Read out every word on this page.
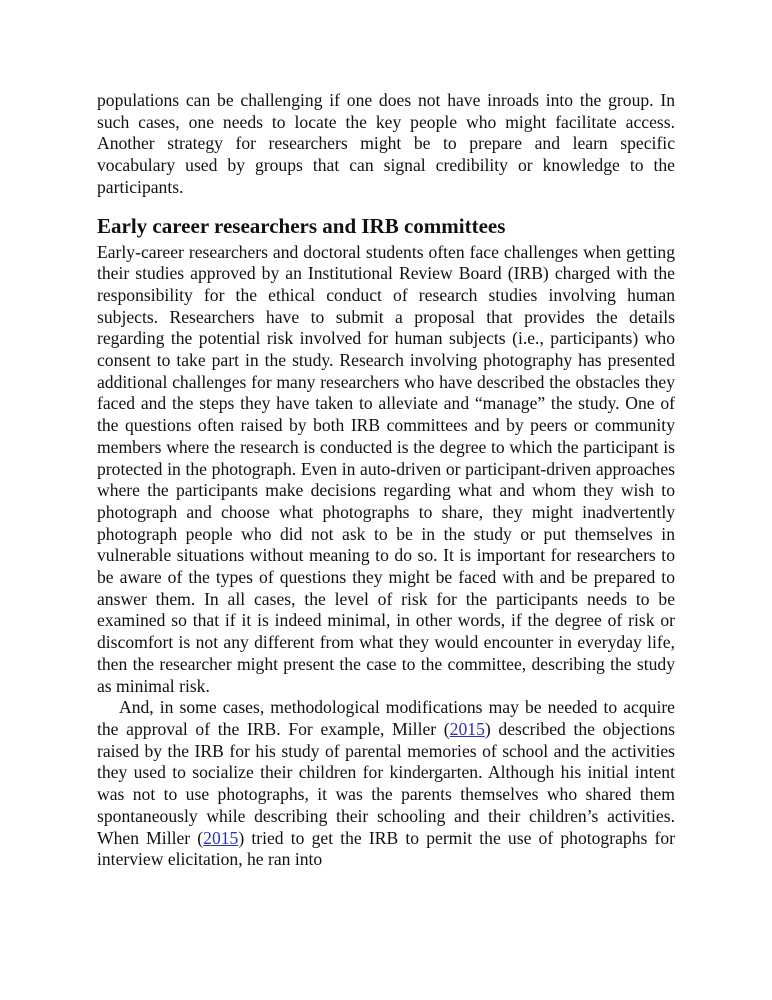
populations can be challenging if one does not have inroads into the group. In such cases, one needs to locate the key people who might facilitate access. Another strategy for researchers might be to prepare and learn specific vocabulary used by groups that can signal credibility or knowledge to the participants.

Early career researchers and IRB committees

Early-career researchers and doctoral students often face challenges when getting their studies approved by an Institutional Review Board (IRB) charged with the responsibility for the ethical conduct of research studies involving human subjects. Researchers have to submit a proposal that provides the details regarding the potential risk involved for human subjects (i.e., participants) who consent to take part in the study. Research involving photography has presented additional challenges for many researchers who have described the obstacles they faced and the steps they have taken to alleviate and “manage” the study. One of the questions often raised by both IRB committees and by peers or community members where the research is conducted is the degree to which the participant is protected in the photograph. Even in auto-driven or participant-driven approaches where the participants make decisions regarding what and whom they wish to photograph and choose what photographs to share, they might inadvertently photograph people who did not ask to be in the study or put themselves in vulnerable situations without meaning to do so. It is important for researchers to be aware of the types of questions they might be faced with and be prepared to answer them. In all cases, the level of risk for the participants needs to be examined so that if it is indeed minimal, in other words, if the degree of risk or discomfort is not any different from what they would encounter in everyday life, then the researcher might present the case to the committee, describing the study as minimal risk.

And, in some cases, methodological modifications may be needed to acquire the approval of the IRB. For example, Miller (2015) described the objections raised by the IRB for his study of parental memories of school and the activities they used to socialize their children for kindergarten. Although his initial intent was not to use photographs, it was the parents themselves who shared them spontaneously while describing their schooling and their children’s activities. When Miller (2015) tried to get the IRB to permit the use of photographs for interview elicitation, he ran into
